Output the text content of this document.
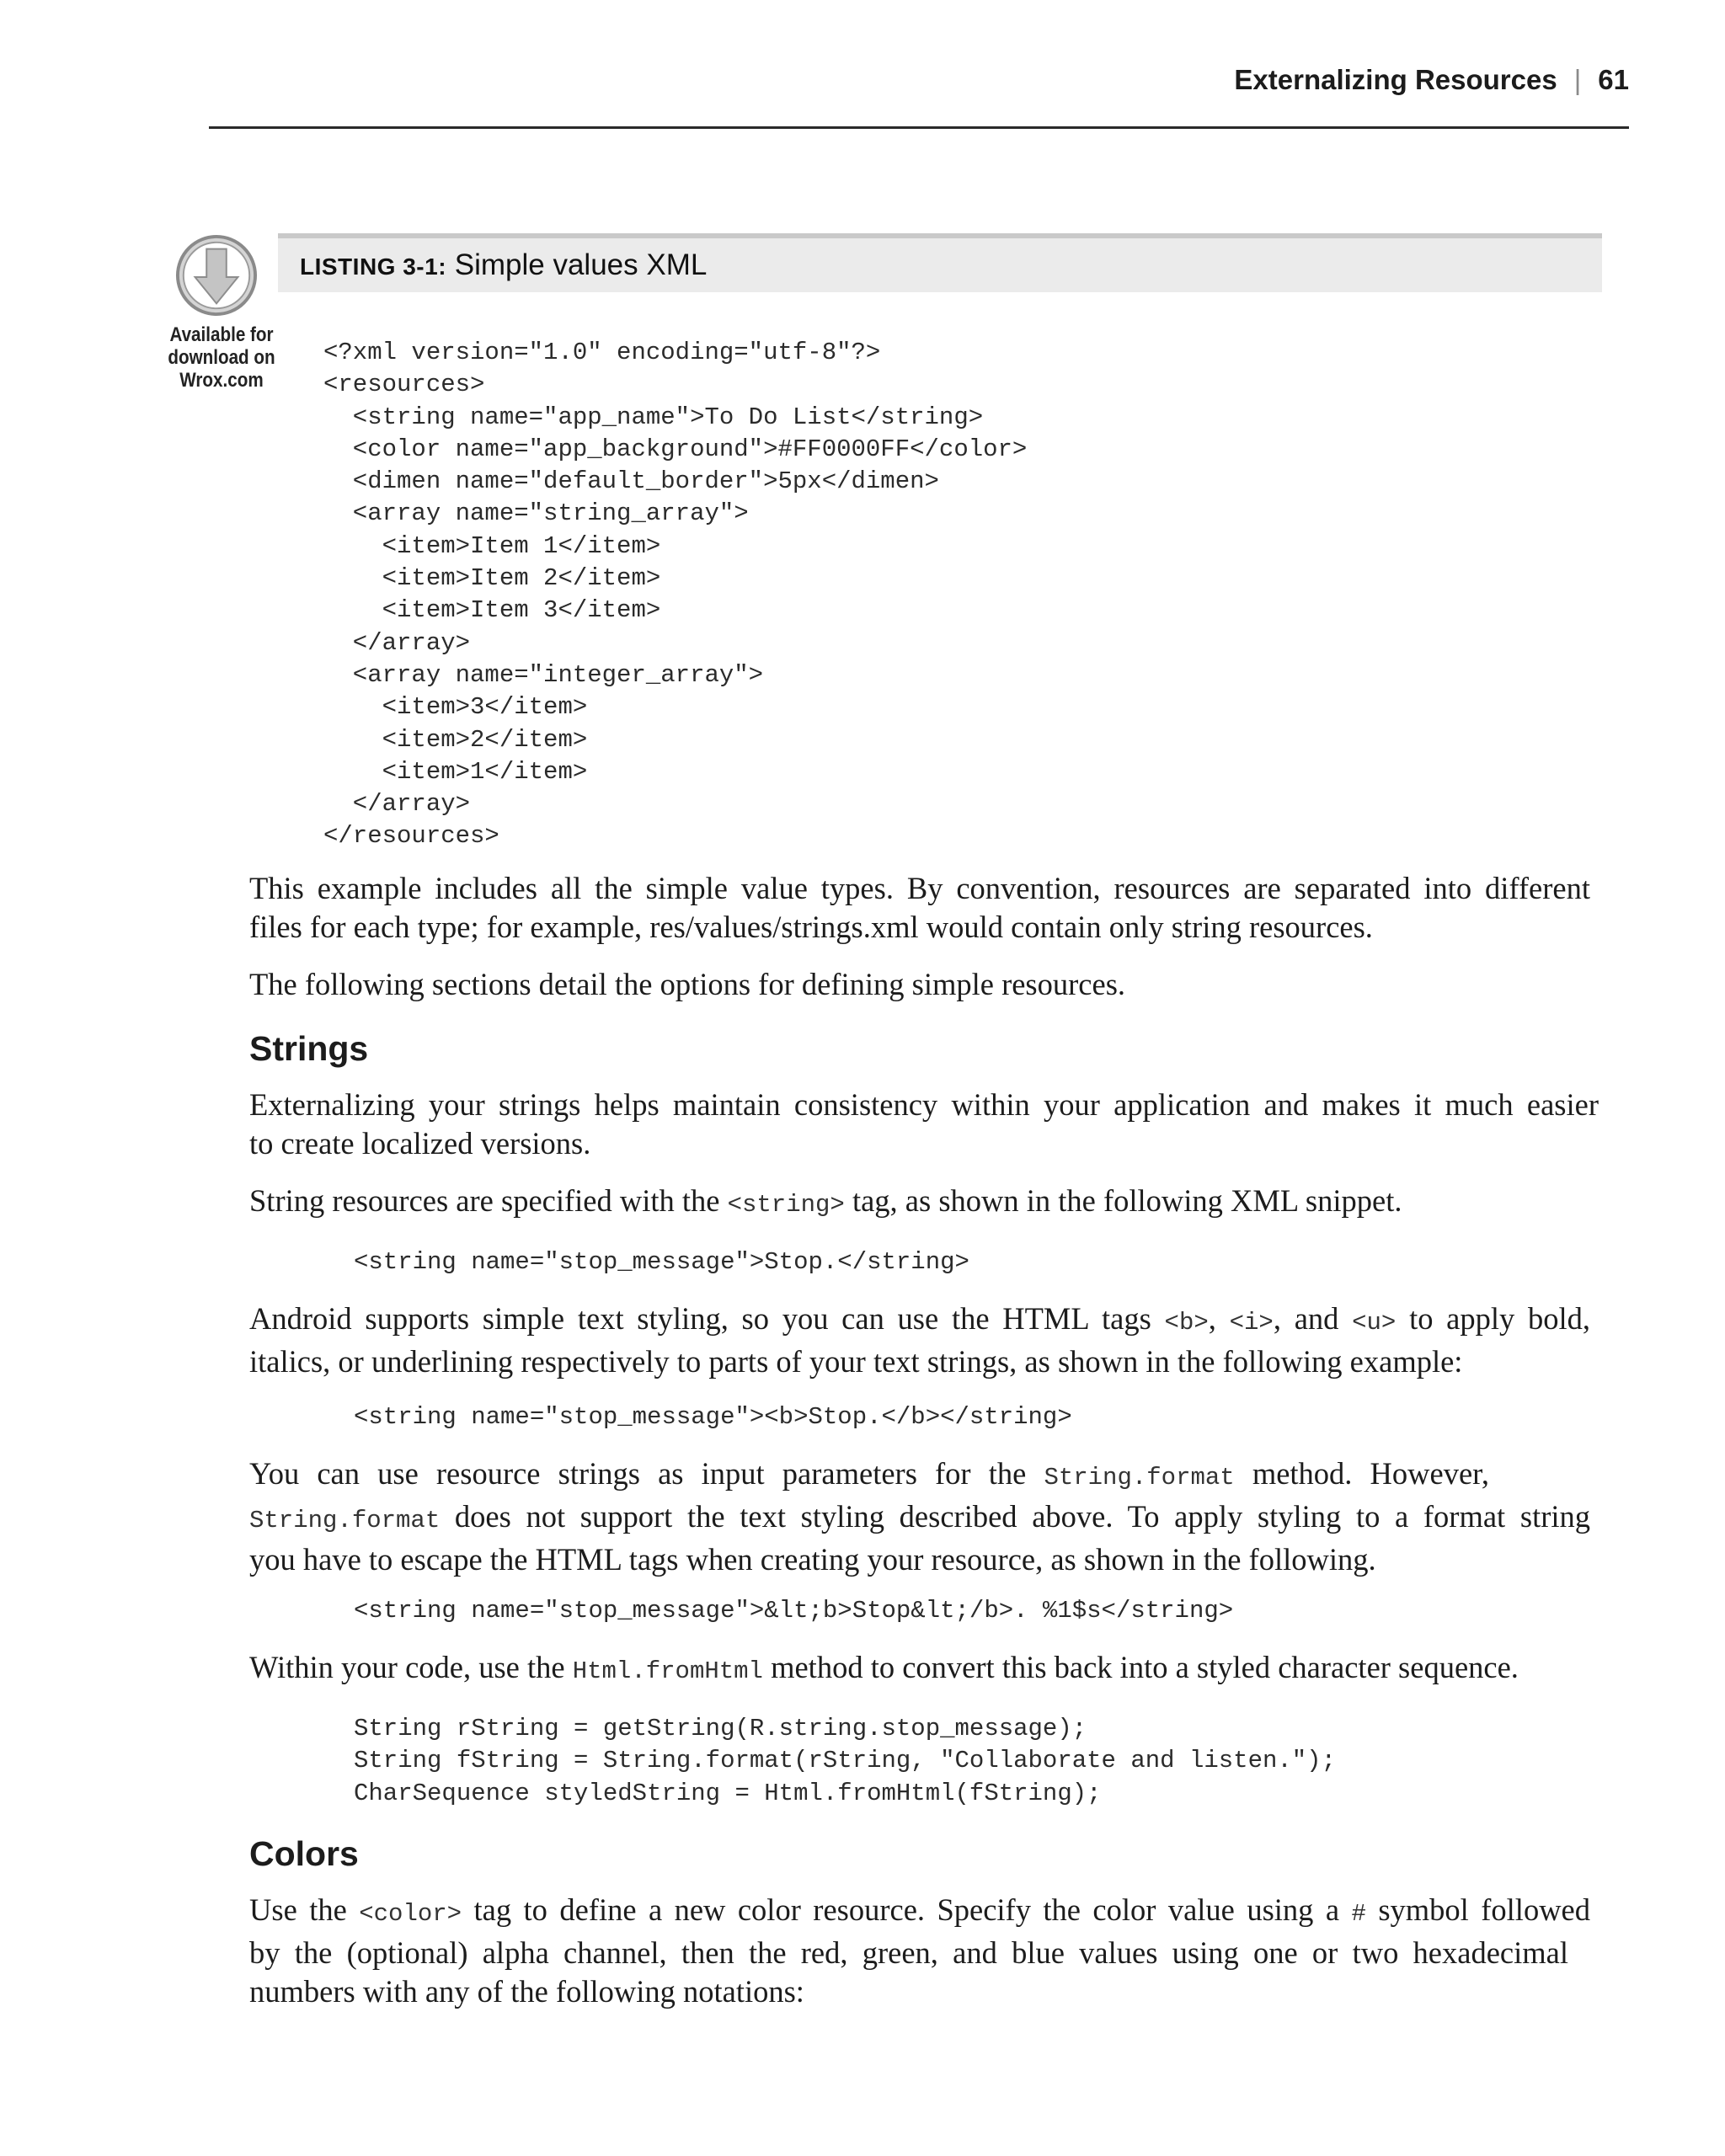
Externalizing Resources | 61
Available for
download on
Wrox.com
LISTING 3-1: Simple values XML
<?xml version="1.0" encoding="utf-8"?>
<resources>
<string name="app_name">To Do List</string>
<color name="app_background">#FF0000FF</color>
<dimen name="default_border">5px</dimen>
<array name="string_array">
<item>Item 1</item>
<item>Item 2</item>
<item>Item 3</item>
</array>
<array name="integer_array">
<item>3</item>
<item>2</item>
<item>1</item>
</array>
</resources>
This example includes all the simple value types. By convention, resources are separated into different
files for each type; for example, res/values/strings.xml would contain only string resources.
The following sections detail the options for defining simple resources.
Strings
Externalizing your strings helps maintain consistency within your application and makes it much easier
to create localized versions.
String resources are specified with the <string> tag, as shown in the following XML snippet.
<string name="stop_message">Stop.</string>
Android supports simple text styling, so you can use the HTML tags <b>, <i>, and <u> to apply bold,
italics, or underlining respectively to parts of your text strings, as shown in the following example:
<string name="stop_message"><b>Stop.</b></string>
You can use resource strings as input parameters for the String.format method. However,
String.format does not support the text styling described above. To apply styling to a format string
you have to escape the HTML tags when creating your resource, as shown in the following.
<string name="stop_message">&lt;b>Stop&lt;/b>. %1$s</string>
Within your code, use the Html.fromHtml method to convert this back into a styled character sequence.
String rString = getString(R.string.stop_message);
String fString = String.format(rString, "Collaborate and listen.");
CharSequence styledString = Html.fromHtml(fString);
Colors
Use the <color> tag to define a new color resource. Specify the color value using a # symbol followed
by the (optional) alpha channel, then the red, green, and blue values using one or two hexadecimal
numbers with any of the following notations:
